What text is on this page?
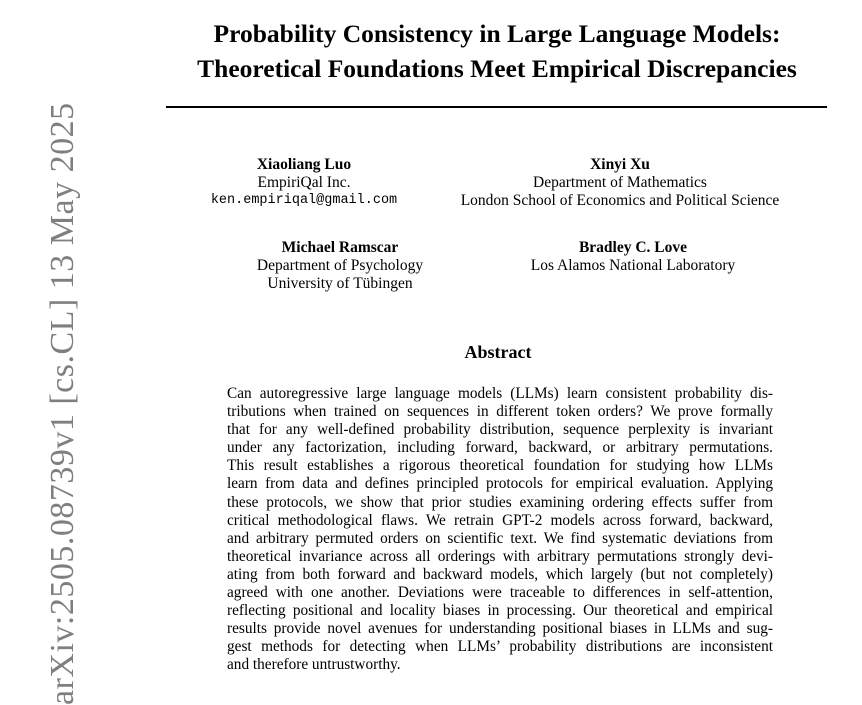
arXiv:2505.08739v1 [cs.CL] 13 May 2025
Probability Consistency in Large Language Models:
Theoretical Foundations Meet Empirical Discrepancies
Xiaoliang Luo
EmpiriQal Inc.
ken.empiriqal@gmail.com
Xinyi Xu
Department of Mathematics
London School of Economics and Political Science
Michael Ramscar
Department of Psychology
University of Tübingen
Bradley C. Love
Los Alamos National Laboratory
Abstract
Can autoregressive large language models (LLMs) learn consistent probability dis-
tributions when trained on sequences in different token orders? We prove formally
that for any well-defined probability distribution, sequence perplexity is invariant
under any factorization, including forward, backward, or arbitrary permutations.
This result establishes a rigorous theoretical foundation for studying how LLMs
learn from data and defines principled protocols for empirical evaluation. Applying
these protocols, we show that prior studies examining ordering effects suffer from
critical methodological flaws. We retrain GPT-2 models across forward, backward,
and arbitrary permuted orders on scientific text. We find systematic deviations from
theoretical invariance across all orderings with arbitrary permutations strongly devi-
ating from both forward and backward models, which largely (but not completely)
agreed with one another. Deviations were traceable to differences in self-attention,
reflecting positional and locality biases in processing. Our theoretical and empirical
results provide novel avenues for understanding positional biases in LLMs and sug-
gest methods for detecting when LLMs’ probability distributions are inconsistent
and therefore untrustworthy.
